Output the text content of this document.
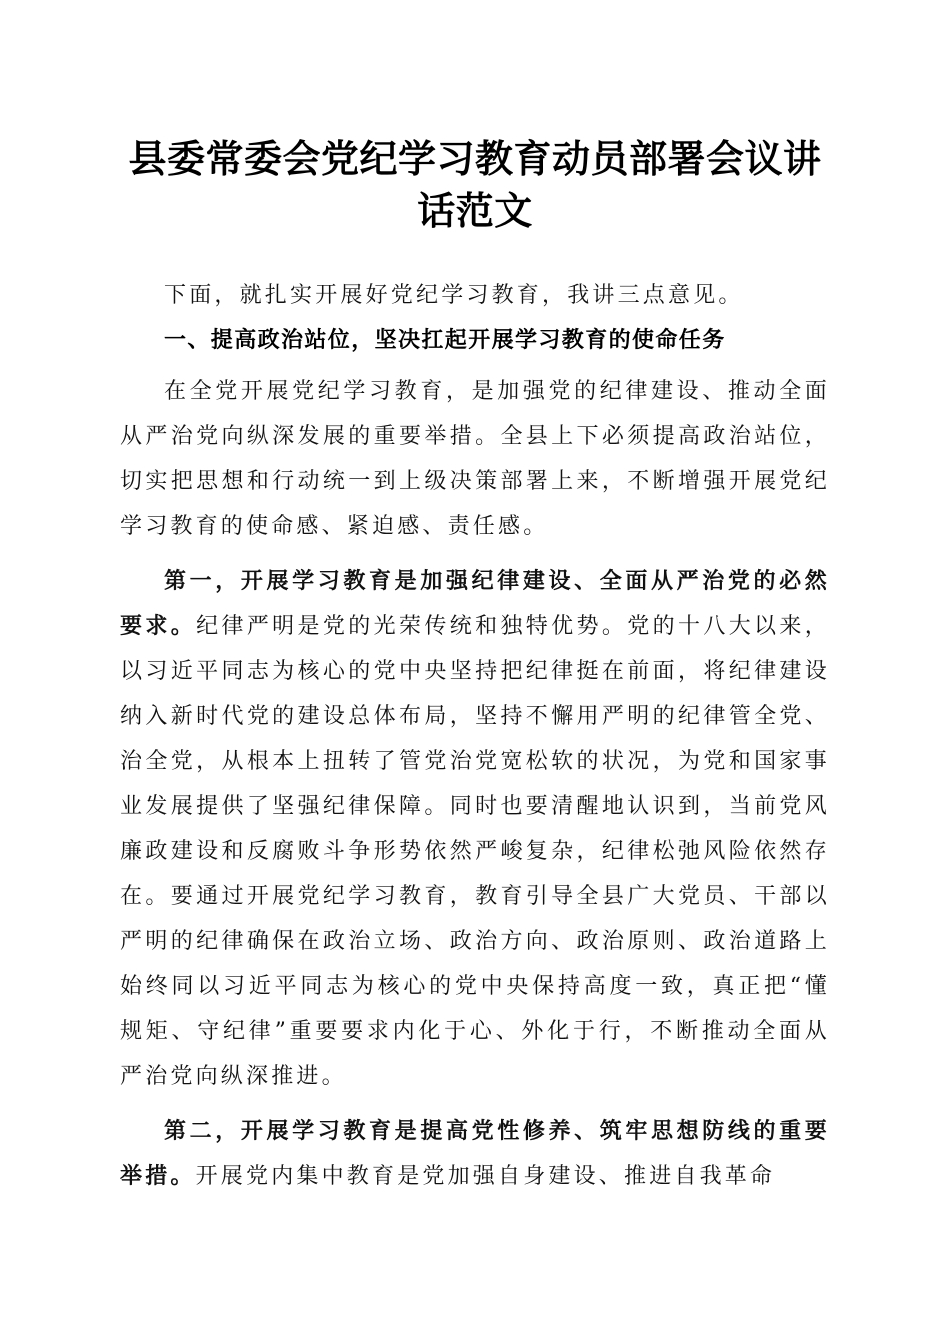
县委常委会党纪学习教育动员部署会议讲话范文

下面，就扎实开展好党纪学习教育，我讲三点意见。

一、提高政治站位，坚决扛起开展学习教育的使命任务

在全党开展党纪学习教育，是加强党的纪律建设、推动全面从严治党向纵深发展的重要举措。全县上下必须提高政治站位，切实把思想和行动统一到上级决策部署上来，不断增强开展党纪学习教育的使命感、紧迫感、责任感。

第一，开展学习教育是加强纪律建设、全面从严治党的必然要求。纪律严明是党的光荣传统和独特优势。党的十八大以来，以习近平同志为核心的党中央坚持把纪律挺在前面，将纪律建设纳入新时代党的建设总体布局，坚持不懈用严明的纪律管全党、治全党，从根本上扭转了管党治党宽松软的状况，为党和国家事业发展提供了坚强纪律保障。同时也要清醒地认识到，当前党风廉政建设和反腐败斗争形势依然严峻复杂，纪律松弛风险依然存在。要通过开展党纪学习教育，教育引导全县广大党员、干部以严明的纪律确保在政治立场、政治方向、政治原则、政治道路上始终同以习近平同志为核心的党中央保持高度一致，真正把“懂规矩、守纪律”重要要求内化于心、外化于行，不断推动全面从严治党向纵深推进。

第二，开展学习教育是提高党性修养、筑牢思想防线的重要举措。开展党内集中教育是党加强自身建设、推进自我革命
